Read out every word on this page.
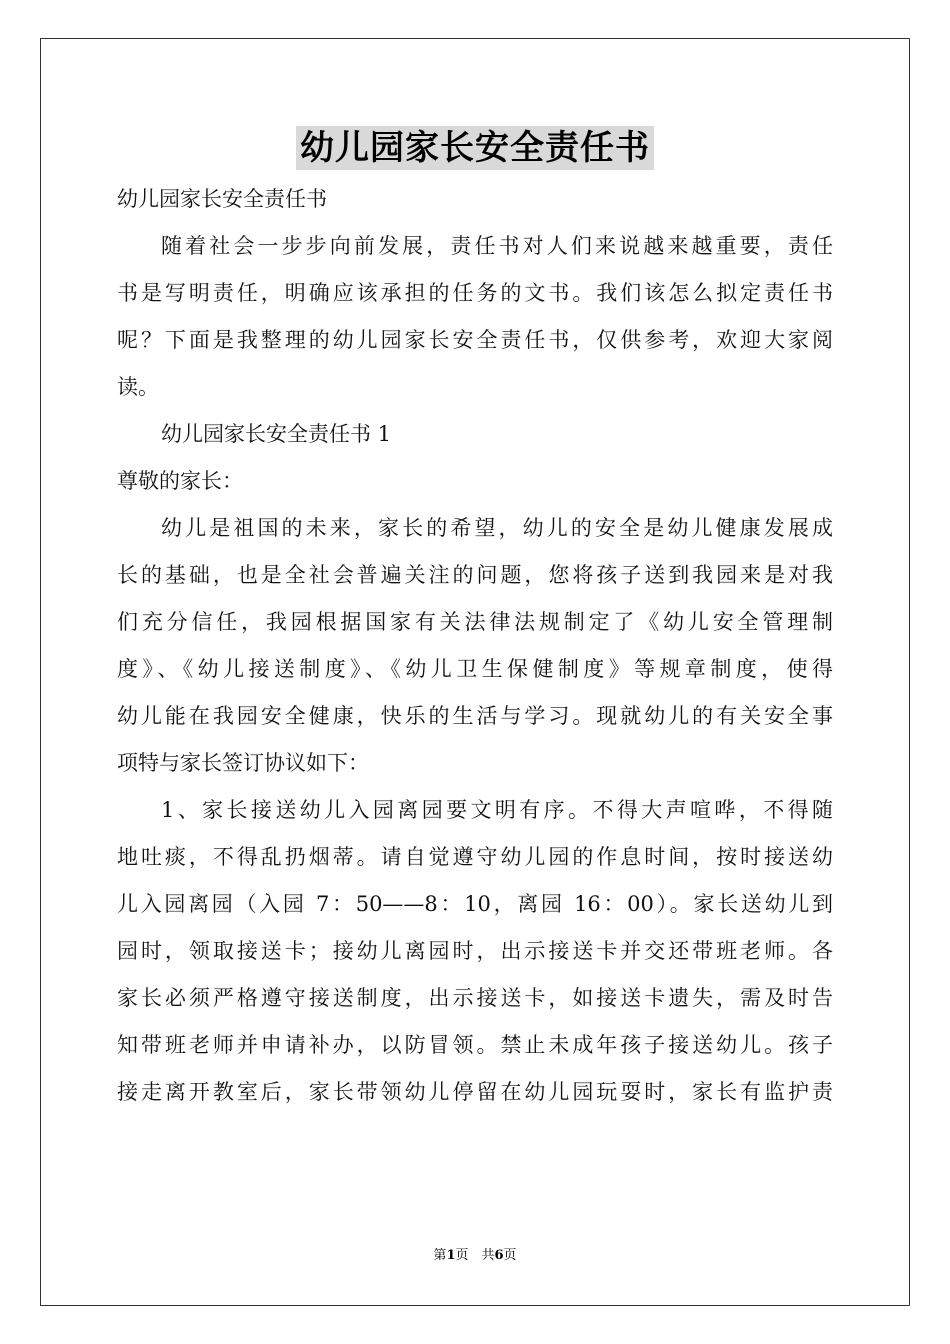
幼儿园家长安全责任书
幼儿园家长安全责任书
随着社会一步步向前发展，责任书对人们来说越来越重要，责任
书是写明责任，明确应该承担的任务的文书。我们该怎么拟定责任书
呢？下面是我整理的幼儿园家长安全责任书，仅供参考，欢迎大家阅
读。
幼儿园家长安全责任书 1
尊敬的家长：
幼儿是祖国的未来，家长的希望，幼儿的安全是幼儿健康发展成
长的基础，也是全社会普遍关注的问题，您将孩子送到我园来是对我
们充分信任，我园根据国家有关法律法规制定了《幼儿安全管理制
度》、《幼儿接送制度》、《幼儿卫生保健制度》等规章制度，使得
幼儿能在我园安全健康，快乐的生活与学习。现就幼儿的有关安全事
项特与家长签订协议如下：
1、家长接送幼儿入园离园要文明有序。不得大声喧哗，不得随
地吐痰，不得乱扔烟蒂。请自觉遵守幼儿园的作息时间，按时接送幼
儿入园离园（入园 7：50——8：10，离园 16：00）。家长送幼儿到
园时，领取接送卡；接幼儿离园时，出示接送卡并交还带班老师。各
家长必须严格遵守接送制度，出示接送卡，如接送卡遗失，需及时告
知带班老师并申请补办，以防冒领。禁止未成年孩子接送幼儿。孩子
接走离开教室后，家长带领幼儿停留在幼儿园玩耍时，家长有监护责
第1页　共6页
